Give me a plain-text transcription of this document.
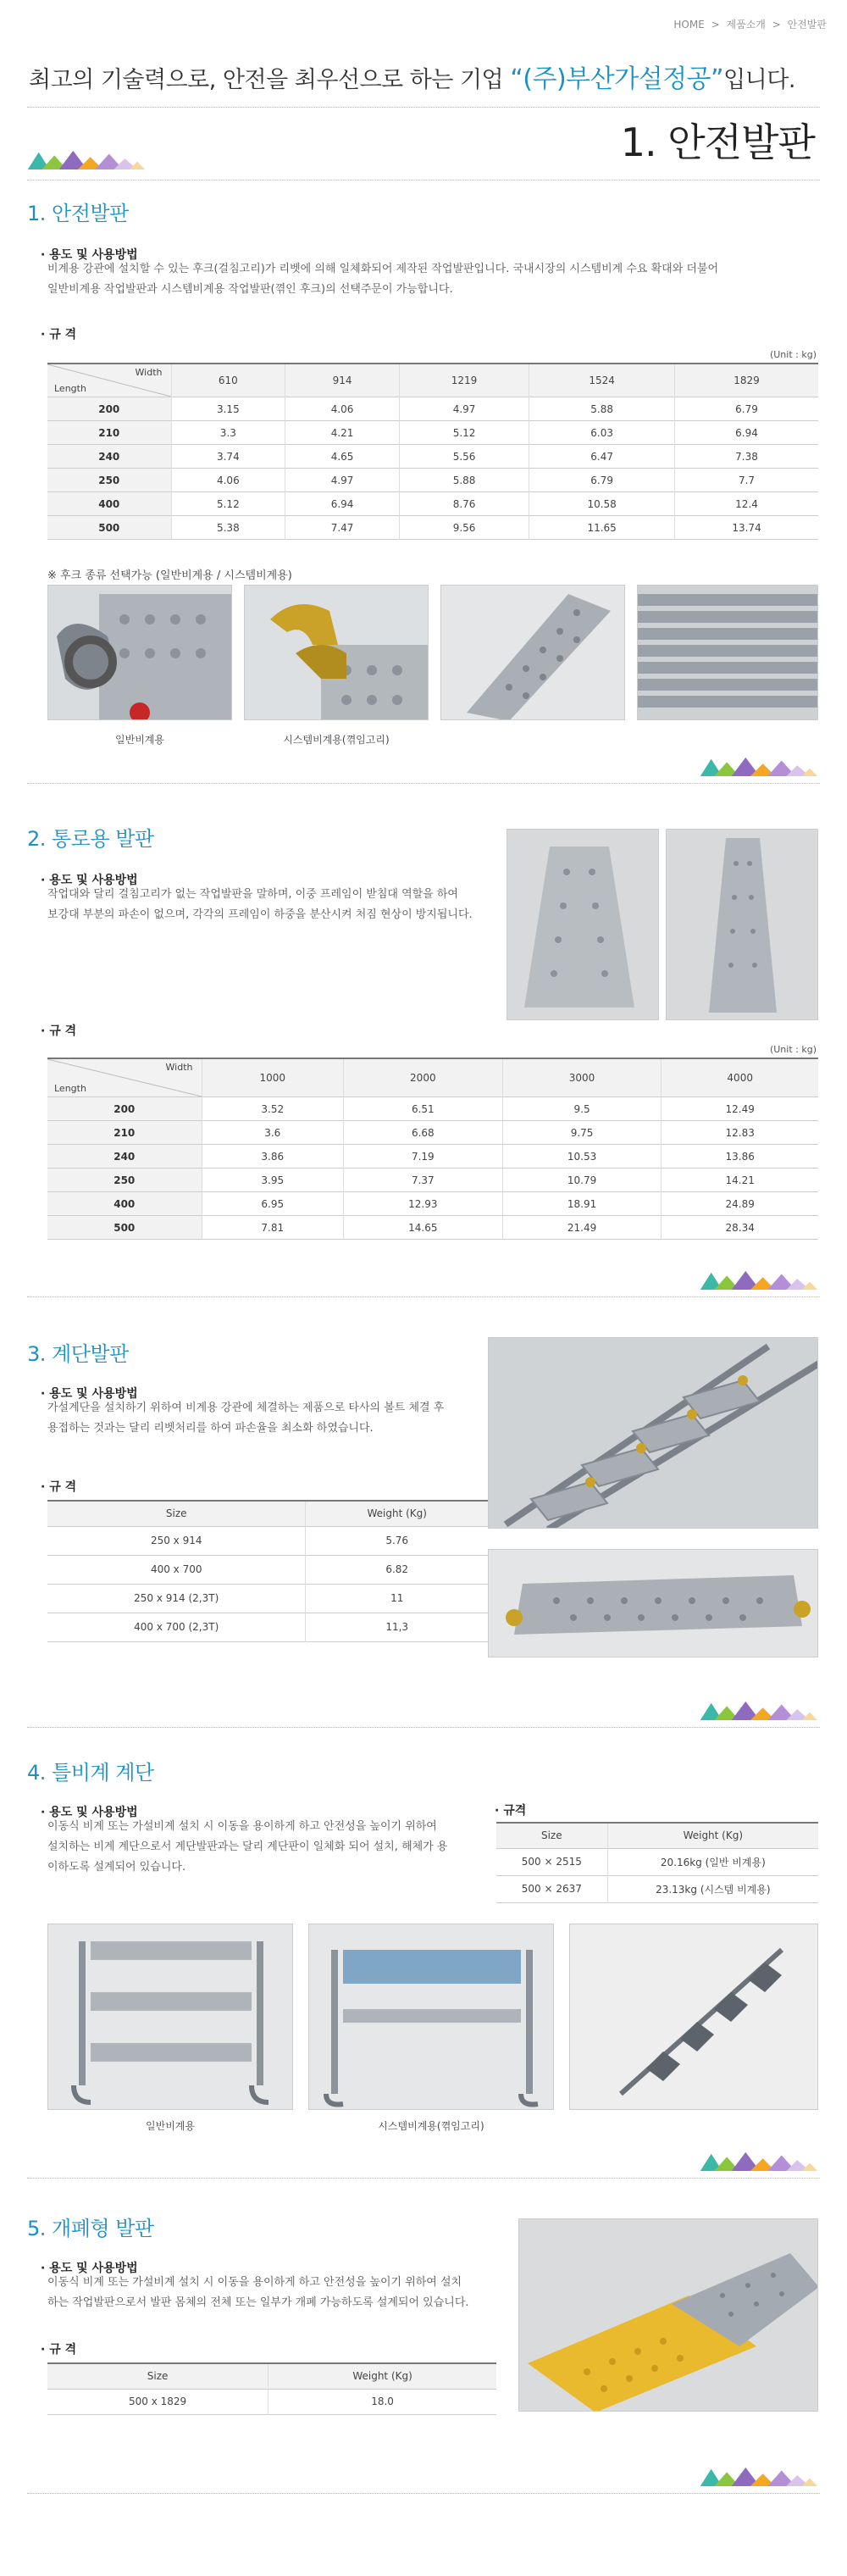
HOME > 제품소개 > 안전발판
최고의 기술력으로, 안전을 최우선으로 하는 기업 “(주)부산가설정공”입니다.
1. 안전발판
1. 안전발판
· 용도 및 사용방법
비계용 강관에 설치할 수 있는 후크(걸침고리)가 리벳에 의해 일체화되어 제작된 작업발판입니다. 국내시장의 시스템비계 수요 확대와 더불어
일반비계용 작업발판과 시스템비계용 작업발판(껶인 후크)의 선택주문이 가능합니다.
· 규 격
(Unit : kg)
Width
Length	610	914	1219	1524	1829
200	3.15	4.06	4.97	5.88	6.79
210	3.3	4.21	5.12	6.03	6.94
240	3.74	4.65	5.56	6.47	7.38
250	4.06	4.97	5.88	6.79	7.7
400	5.12	6.94	8.76	10.58	12.4
500	5.38	7.47	9.56	11.65	13.74
※ 후크 종류 선택가능 (일반비계용 / 시스템비계용)
일반비계용	시스템비계용(껶임고리)
2. 통로용 발판
· 용도 및 사용방법
작업대와 달리 걸침고리가 없는 작업발판을 말하며, 이중 프레임이 받침대 역할을 하여
보강대 부분의 파손이 없으며, 각각의 프레임이 하중을 분산시켜 처짐 현상이 방지됩니다.
· 규 격
(Unit : kg)
Width
Length	1000	2000	3000	4000
200	3.52	6.51	9.5	12.49
210	3.6	6.68	9.75	12.83
240	3.86	7.19	10.53	13.86
250	3.95	7.37	10.79	14.21
400	6.95	12.93	18.91	24.89
500	7.81	14.65	21.49	28.34
3. 계단발판
· 용도 및 사용방법
가설계단을 설치하기 위하여 비계용 강관에 체결하는 제품으로 타사의 볼트 체결 후
용접하는 것과는 달리 리벳처리를 하여 파손율을 최소화 하였습니다.
· 규 격
Size	Weight (Kg)
250 x 914	5.76
400 x 700	6.82
250 x 914 (2,3T)	11
400 x 700 (2,3T)	11,3
4. 틀비계 계단
· 용도 및 사용방법
이동식 비계 또는 가설비계 설치 시 이동을 용이하게 하고 안전성을 높이기 위하여
설치하는 비계 계단으로서 계단발판과는 달리 계단판이 일체화 되어 설치, 해체가 용
이하도록 설계되어 있습니다.
· 규격
Size	Weight (Kg)
500 × 2515	20.16kg (일반 비계용)
500 × 2637	23.13kg (시스템 비계용)
일반비계용	시스템비계용(껶임고리)
5. 개폐형 발판
· 용도 및 사용방법
이동식 비계 또는 가설비계 설치 시 이동을 용이하게 하고 안전성을 높이기 위하여 설치
하는 작업발판으로서 발판 몸체의 전체 또는 일부가 개폐 가능하도록 설계되어 있습니다.
· 규 격
Size	Weight (Kg)
500 x 1829	18.0
